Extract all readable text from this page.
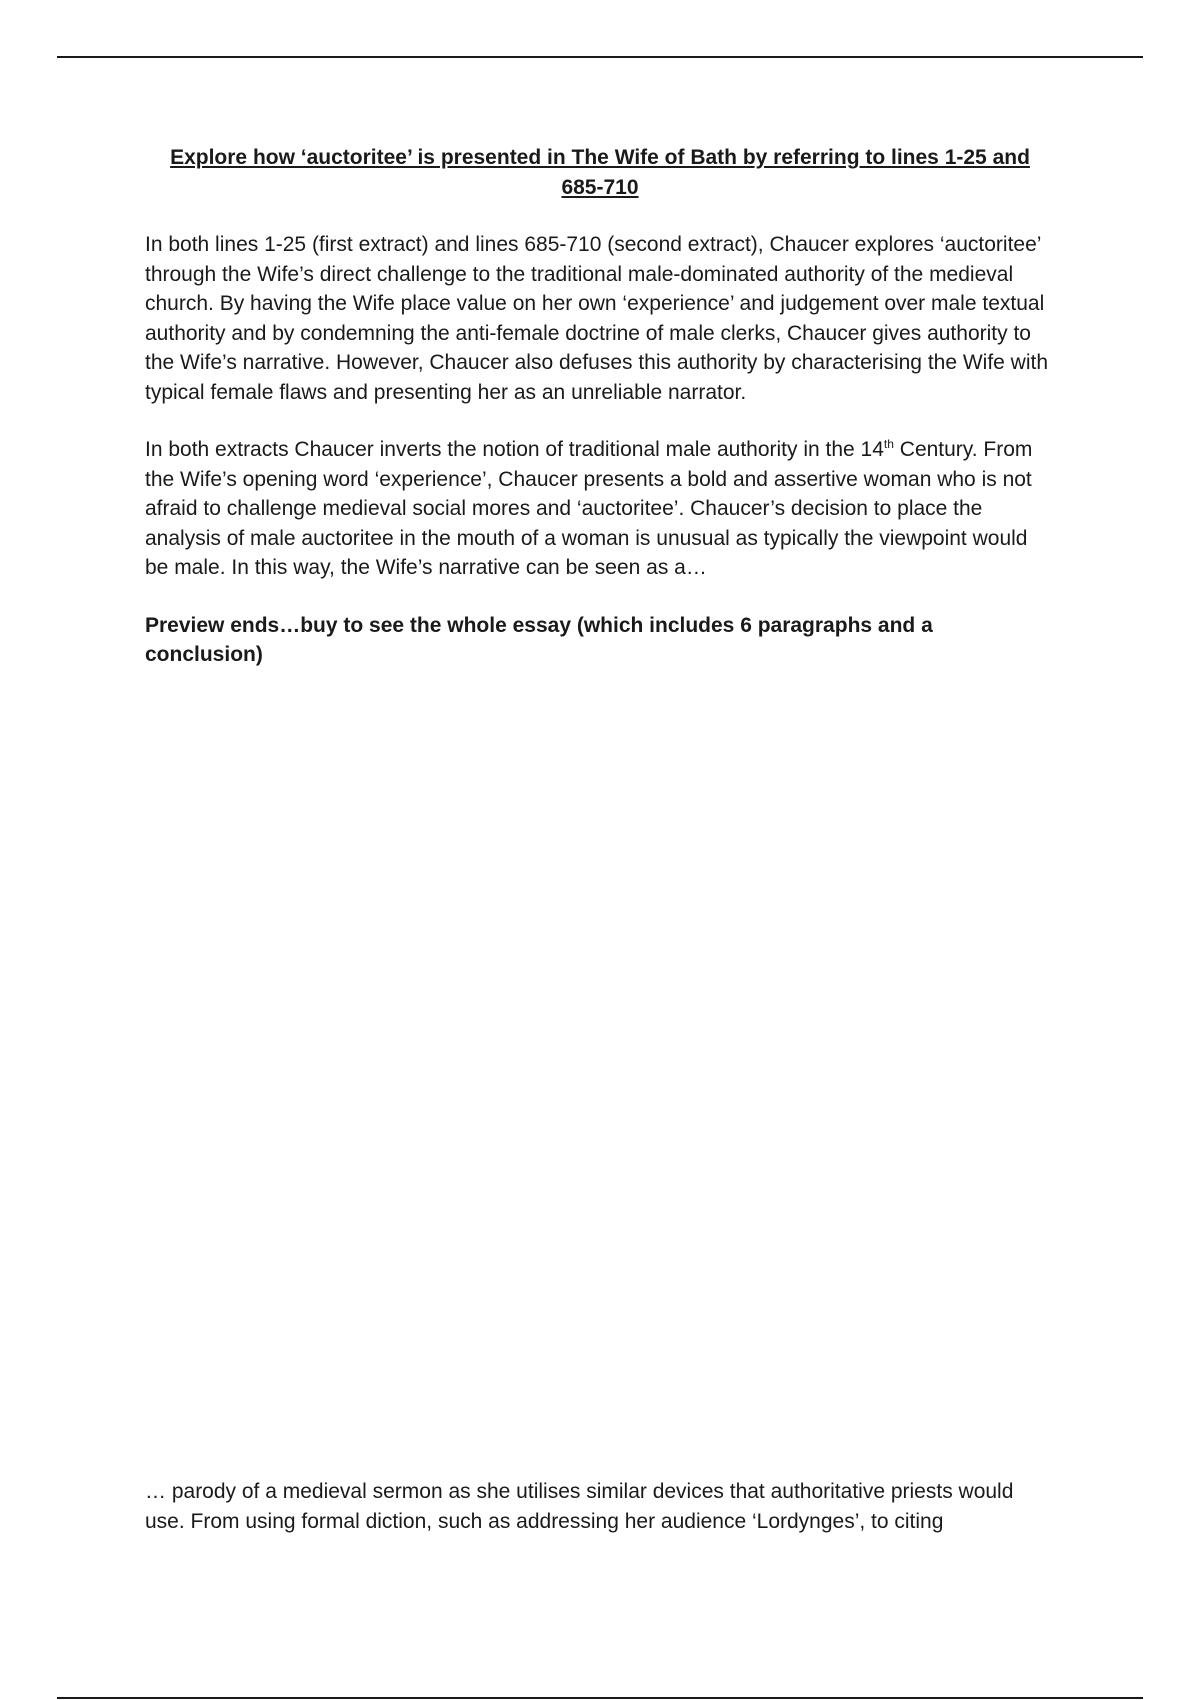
Explore how ‘auctoritee’ is presented in The Wife of Bath by referring to lines 1-25 and 685-710

In both lines 1-25 (first extract) and lines 685-710 (second extract), Chaucer explores ‘auctoritee’ through the Wife’s direct challenge to the traditional male-dominated authority of the medieval church. By having the Wife place value on her own ‘experience’ and judgement over male textual authority and by condemning the anti-female doctrine of male clerks, Chaucer gives authority to the Wife’s narrative. However, Chaucer also defuses this authority by characterising the Wife with typical female flaws and presenting her as an unreliable narrator.

In both extracts Chaucer inverts the notion of traditional male authority in the 14th Century. From the Wife’s opening word ‘experience’, Chaucer presents a bold and assertive woman who is not afraid to challenge medieval social mores and ‘auctoritee’. Chaucer’s decision to place the analysis of male auctoritee in the mouth of a woman is unusual as typically the viewpoint would be male. In this way, the Wife’s narrative can be seen as a…

Preview ends…buy to see the whole essay (which includes 6 paragraphs and a conclusion)

… parody of a medieval sermon as she utilises similar devices that authoritative priests would use. From using formal diction, such as addressing her audience ‘Lordynges’, to citing
